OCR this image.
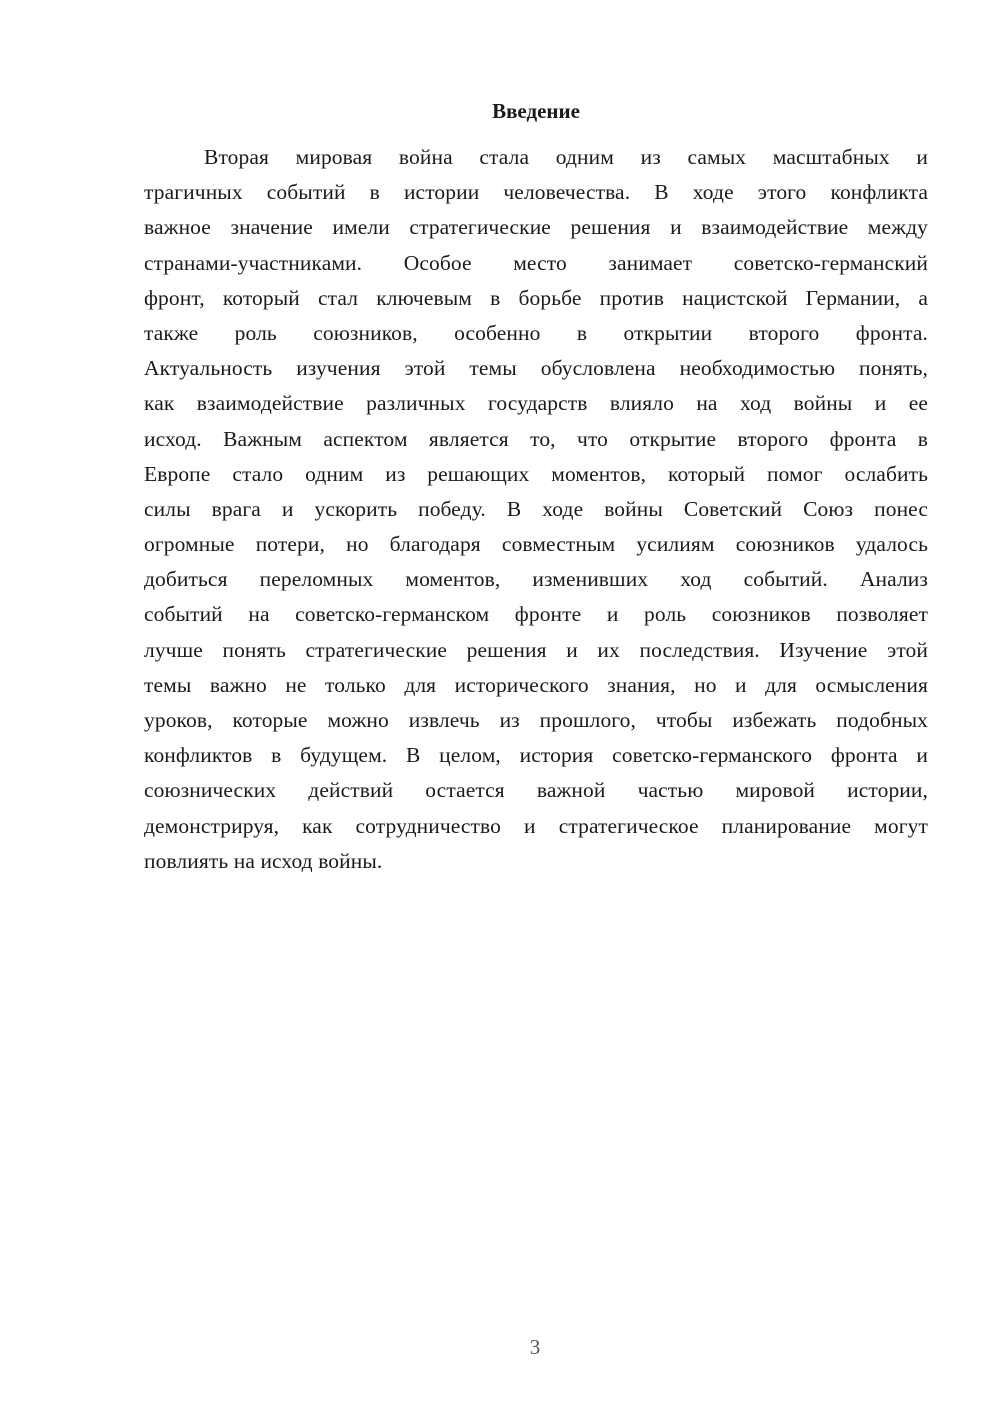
Введение
Вторая мировая война стала одним из самых масштабных и
трагичных событий в истории человечества. В ходе этого конфликта
важное значение имели стратегические решения и взаимодействие между
странами-участниками. Особое место занимает советско-германский
фронт, который стал ключевым в борьбе против нацистской Германии, а
также роль союзников, особенно в открытии второго фронта.
Актуальность изучения этой темы обусловлена необходимостью понять,
как взаимодействие различных государств влияло на ход войны и ее
исход. Важным аспектом является то, что открытие второго фронта в
Европе стало одним из решающих моментов, который помог ослабить
силы врага и ускорить победу. В ходе войны Советский Союз понес
огромные потери, но благодаря совместным усилиям союзников удалось
добиться переломных моментов, изменивших ход событий. Анализ
событий на советско-германском фронте и роль союзников позволяет
лучше понять стратегические решения и их последствия. Изучение этой
темы важно не только для исторического знания, но и для осмысления
уроков, которые можно извлечь из прошлого, чтобы избежать подобных
конфликтов в будущем. В целом, история советско-германского фронта и
союзнических действий остается важной частью мировой истории,
демонстрируя, как сотрудничество и стратегическое планирование могут
повлиять на исход войны.
3
